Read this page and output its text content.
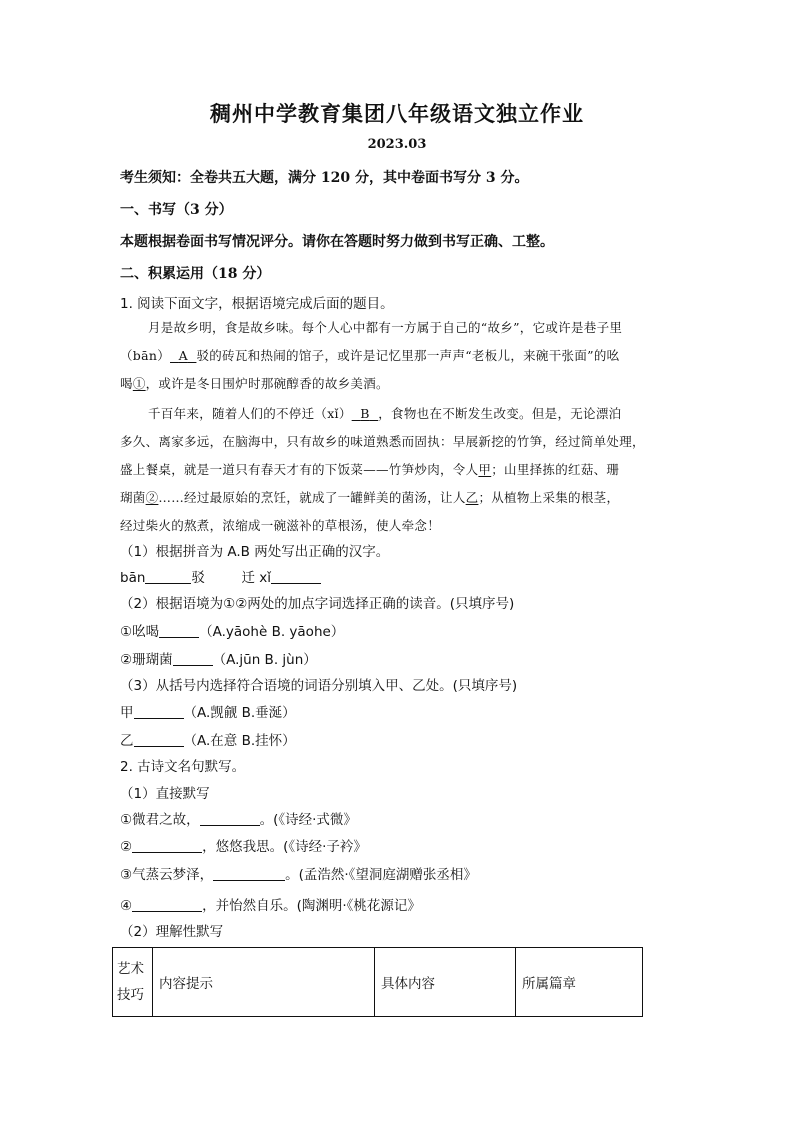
稠州中学教育集团八年级语文独立作业
2023.03
考生须知：全卷共五大题，满分 120 分，其中卷面书写分 3 分。
一、书写（3 分）
本题根据卷面书写情况评分。请你在答题时努力做到书写正确、工整。
二、积累运用（18 分）
1. 阅读下面文字，根据语境完成后面的题目。
月是故乡明，食是故乡味。每个人心中都有一方属于自己的“故乡”，它或许是巷子里
（bān） A 驳的砖瓦和热闹的馆子，或许是记忆里那一声声“老板儿，来碗干张面”的吆
喝①，或许是冬日围炉时那碗醇香的故乡美酒。
千百年来，随着人们的不停迁（xǐ） B ，食物也在不断发生改变。但是，无论漂泊
多久、离家多远，在脑海中，只有故乡的味道熟悉而固执：早展新挖的竹笋，经过简单处理，
盛上餐桌，就是一道只有春天才有的下饭菜——竹笋炒肉，令人甲；山里择拣的红菇、珊
瑚菌②……经过最原始的烹饪，就成了一罐鲜美的菌汤，让人乙；从植物上采集的根茎，
经过柴火的熬煮，浓缩成一碗滋补的草根汤，使人牵念！
（1）根据拼音为 A.B 两处写出正确的汉字。
bān	驳	迁 xǐ
（2）根据语境为①②两处的加点字词选择正确的读音。(只填序号)
①吆喝	（A.yāohè B. yāohe）
②珊瑚菌	（A.jūn B. jùn）
（3）从括号内选择符合语境的词语分别填入甲、乙处。(只填序号)
甲	（A.觊觎 B.垂涎）
乙	（A.在意 B.挂怀）
2. 古诗文名句默写。
（1）直接默写
①微君之故，	。(《诗经·式微》
②	，悠悠我思。(《诗经·子衿》
③气蒸云梦泽，	。(孟浩然·《望洞庭湖赠张丞相》
④	，并怡然自乐。(陶渊明·《桃花源记》
（2）理解性默写
艺术技巧	内容提示	具体内容	所属篇章
